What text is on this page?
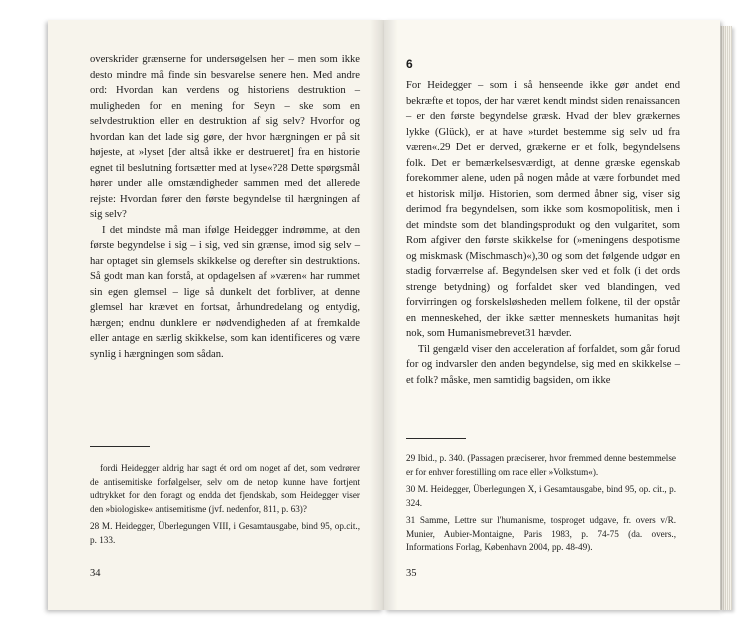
overskrider grænserne for undersøgelsen her – men som ikke desto mindre må finde sin besvarelse senere hen. Med andre ord: Hvordan kan verdens og historiens destruktion – muligheden for en mening for Seyn – ske som en selvdestruktion eller en destruktion af sig selv? Hvorfor og hvordan kan det lade sig gøre, der hvor hærgningen er på sit højeste, at »lyset [der altså ikke er destrueret] fra en historie egnet til beslutning fortsætter med at lyse«?28 Dette spørgsmål hører under alle omstændigheder sammen med det allerede rejste: Hvordan fører den første begyndelse til hærgningen af sig selv?

I det mindste må man ifølge Heidegger indrømme, at den første begyndelse i sig – i sig, ved sin grænse, imod sig selv – har optaget sin glemsels skikkelse og derefter sin destruktions. Så godt man kan forstå, at opdagelsen af »væren« har rummet sin egen glemsel – lige så dunkelt det forbliver, at denne glemsel har krævet en fortsat, århundredelang og entydig, hærgen; endnu dunklere er nødvendigheden af at fremkalde eller antage en særlig skikkelse, som kan identificeres og være synlig i hærgningen som sådan.

fordi Heidegger aldrig har sagt ét ord om noget af det, som vedrører de antisemitiske forfølgelser, selv om de netop kunne have fortjent udtrykket for den foragt og endda det fjendskab, som Heidegger viser den »biologiske« antisemitisme (jvf. nedenfor, 811, p. 63)?

28 M. Heidegger, Überlegungen VIII, i Gesamtausgabe, bind 95, op.cit., p. 133.

34
6

For Heidegger – som i så henseende ikke gør andet end bekræfte et topos, der har været kendt mindst siden renaissancen – er den første begyndelse græsk. Hvad der blev grækernes lykke (Glück), er at have »turdet bestemme sig selv ud fra væren«.29 Det er derved, grækerne er et folk, begyndelsens folk. Det er bemærkelsesværdigt, at denne græske egenskab forekommer alene, uden på nogen måde at være forbundet med et historisk miljø. Historien, som dermed åbner sig, viser sig derimod fra begyndelsen, som ikke som kosmopolitisk, men i det mindste som det blandingsprodukt og den vulgaritet, som Rom afgiver den første skikkelse for (»meningens despotisme og miskmask (Mischmasch)«),30 og som det følgende udgør en stadig forværrelse af. Begyndelsen sker ved et folk (i det ords strenge betydning) og forfaldet sker ved blandingen, ved forvirringen og forskelsløsheden mellem folkene, til der opstår en menneskehed, der ikke sætter menneskets humanitas højt nok, som Humanismebrevet31 hævder.

Til gengæld viser den acceleration af forfaldet, som går forud for og indvarsler den anden begyndelse, sig med en skikkelse – et folk? måske, men samtidig bagsiden, om ikke

29 Ibid., p. 340. (Passagen præciserer, hvor fremmed denne bestemmelse er for enhver forestilling om race eller »Volkstum«).

30 M. Heidegger, Überlegungen X, i Gesamtausgabe, bind 95, op. cit., p. 324.

31 Samme, Lettre sur l'humanisme, tosproget udgave, fr. overs v/R. Munier, Aubier-Montaigne, Paris 1983, p. 74-75 (da. overs., Informations Forlag, København 2004, pp. 48-49).

35
